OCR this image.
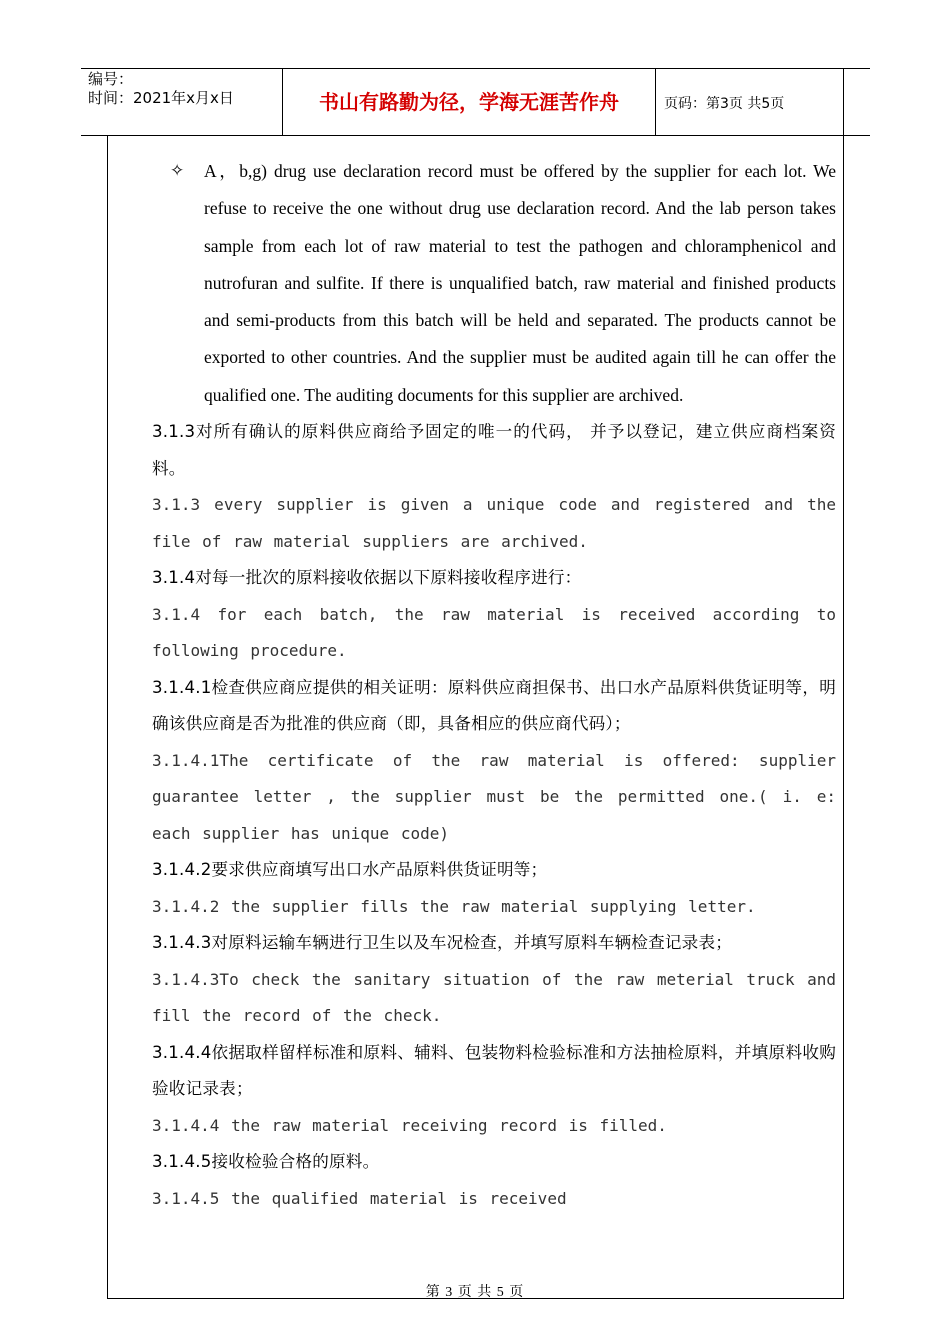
编号：
时间：2021年x月x日	书山有路勤为径，学海无涯苦作舟	页码：第3页 共5页
✧ A，b,g) drug use declaration record must be offered by the supplier for each lot. We refuse to receive the one without drug use declaration record. And the lab person takes sample from each lot of raw material to test the pathogen and chloramphenicol and nutrofuran and sulfite. If there is unqualified batch, raw material and finished products and semi-products from this batch will be held and separated. The products cannot be exported to other countries. And the supplier must be audited again till he can offer the qualified one. The auditing documents for this supplier are archived.
3.1.3对所有确认的原料供应商给予固定的唯一的代码， 并予以登记，建立供应商档案资料。
3.1.3 every supplier is given a unique code and registered and the file of raw material suppliers are archived.
3.1.4对每一批次的原料接收依据以下原料接收程序进行：
3.1.4 for each batch, the raw material is received according to following procedure.
3.1.4.1检查供应商应提供的相关证明：原料供应商担保书、出口水产品原料供货证明等，明确该供应商是否为批准的供应商（即，具备相应的供应商代码）；
3.1.4.1The certificate of the raw material is offered: supplier guarantee letter , the supplier must be the permitted one.( i. e: each supplier has unique code)
3.1.4.2要求供应商填写出口水产品原料供货证明等；
3.1.4.2 the supplier fills the raw material supplying letter.
3.1.4.3对原料运输车辆进行卫生以及车况检查，并填写原料车辆检查记录表；
3.1.4.3To check the sanitary situation of the raw meterial truck and fill the record of the check.
3.1.4.4依据取样留样标准和原料、辅料、包装物料检验标准和方法抽检原料，并填原料收购验收记录表；
3.1.4.4 the raw material receiving record is filled.
3.1.4.5接收检验合格的原料。
3.1.4.5 the qualified material is received
第 3 页 共 5 页
